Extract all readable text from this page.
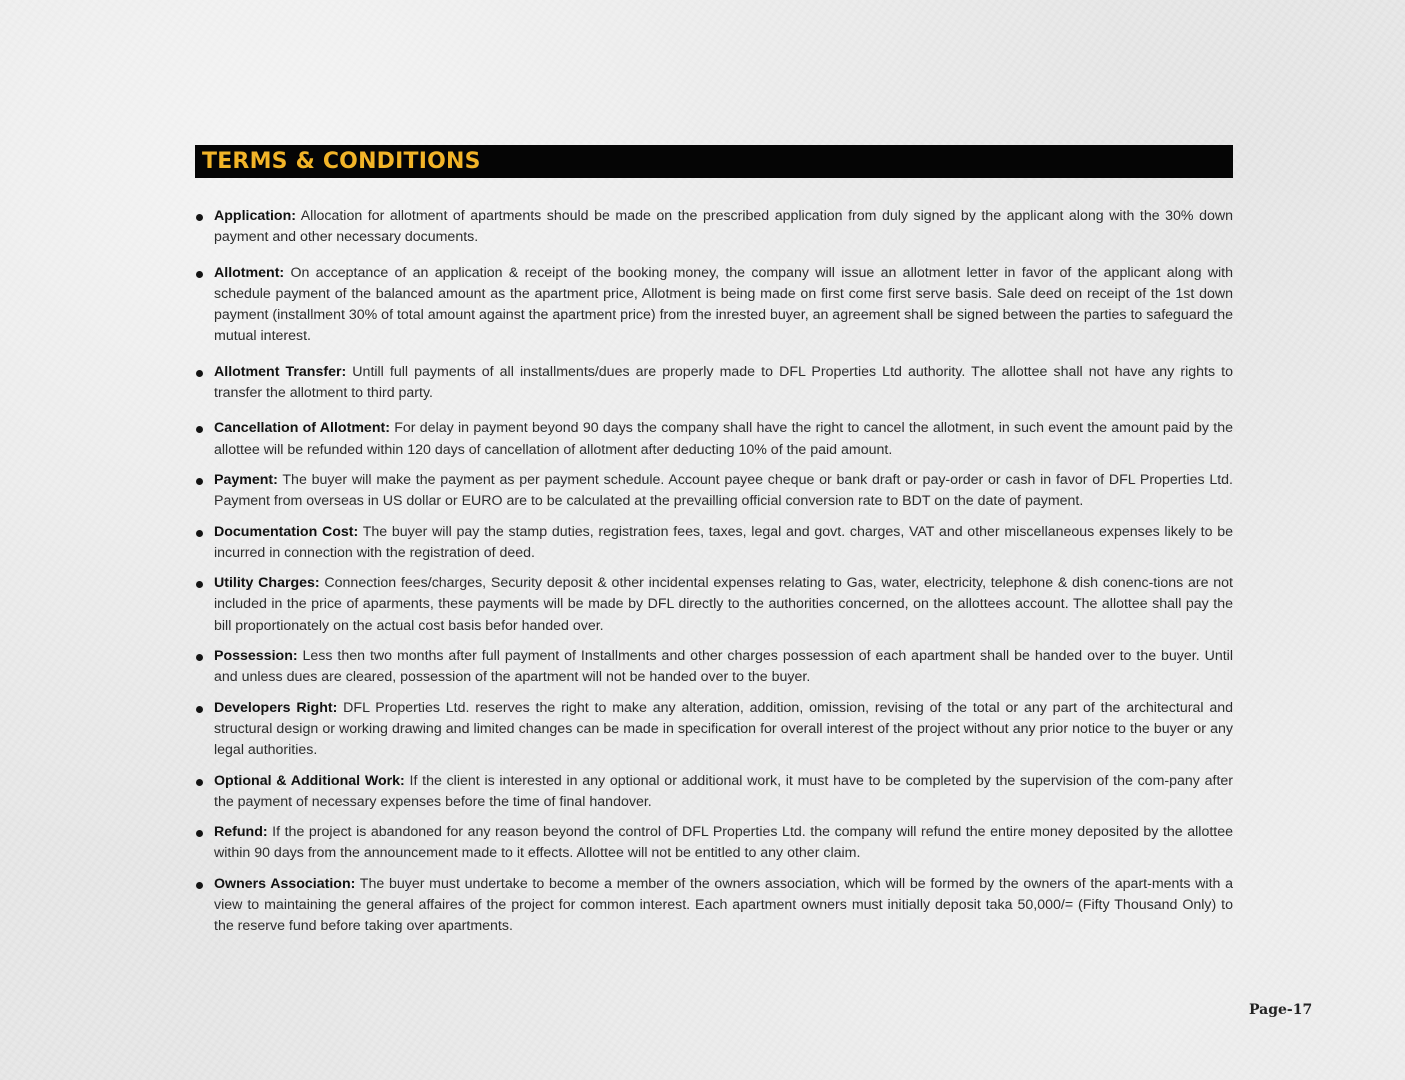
TERMS & CONDITIONS
Application: Allocation for allotment of apartments should be made on the prescribed application from duly signed by the applicant along with the 30% down payment and other necessary documents.
Allotment: On acceptance of an application & receipt of the booking money, the company will issue an allotment letter in favor of the applicant along with schedule payment of the balanced amount as the apartment price, Allotment is being made on first come first serve basis. Sale deed on receipt of the 1st down payment (installment 30% of total amount against the apartment price) from the inrested buyer, an agreement shall be signed between the parties to safeguard the mutual interest.
Allotment Transfer: Untill full payments of all installments/dues are properly made to DFL Properties Ltd authority. The allottee shall not have any rights to transfer the allotment to third party.
Cancellation of Allotment: For delay in payment beyond 90 days the company shall have the right to cancel the allotment, in such event the amount paid by the allottee will be refunded within 120 days of cancellation of allotment after deducting 10% of the paid amount.
Payment: The buyer will make the payment as per payment schedule. Account payee cheque or bank draft or pay-order or cash in favor of DFL Properties Ltd. Payment from overseas in US dollar or EURO are to be calculated at the prevailling official conversion rate to BDT on the date of payment.
Documentation Cost: The buyer will pay the stamp duties, registration fees, taxes, legal and govt. charges, VAT and other miscellaneous expenses likely to be incurred in connection with the registration of deed.
Utility Charges: Connection fees/charges, Security deposit & other incidental expenses relating to Gas, water, electricity, telephone & dish conenc-tions are not included in the price of aparments, these payments will be made by DFL directly to the authorities concerned, on the allottees account. The allottee shall pay the bill proportionately on the actual cost basis befor handed over.
Possession: Less then two months after full payment of Installments and other charges possession of each apartment shall be handed over to the buyer. Until and unless dues are cleared, possession of the apartment will not be handed over to the buyer.
Developers Right: DFL Properties Ltd. reserves the right to make any alteration, addition, omission, revising of the total or any part of the architectural and structural design or working drawing and limited changes can be made in specification for overall interest of the project without any prior notice to the buyer or any legal authorities.
Optional & Additional Work: If the client is interested in any optional or additional work, it must have to be completed by the supervision of the com-pany after the payment of necessary expenses before the time of final handover.
Refund: If the project is abandoned for any reason beyond the control of DFL Properties Ltd. the company will refund the entire money deposited by the allottee within 90 days from the announcement made to it effects. Allottee will not be entitled to any other claim.
Owners Association: The buyer must undertake to become a member of the owners association, which will be formed by the owners of the apart-ments with a view to maintaining the general affaires of the project for common interest. Each apartment owners must initially deposit taka 50,000/= (Fifty Thousand Only) to the reserve fund before taking over apartments.
Page-17
